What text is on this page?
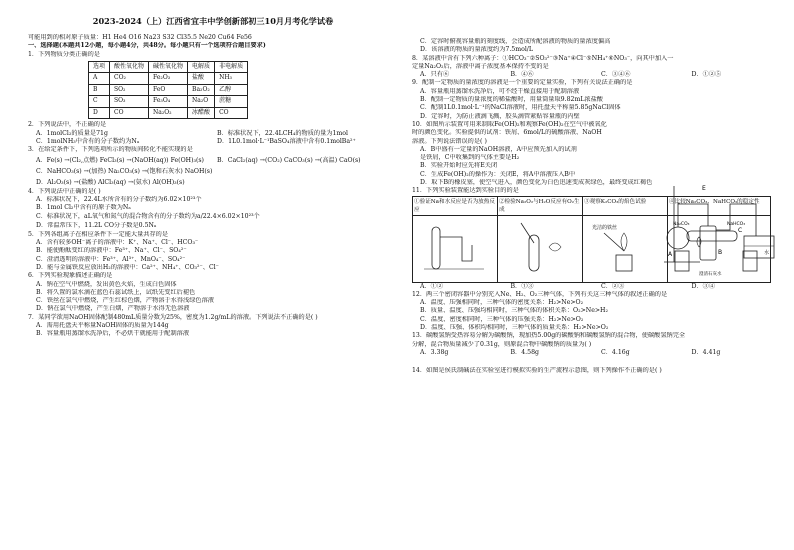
2023-2024（上）江西省宜丰中学创新部初三10月月考化学试卷
可能用到的相对原子质量：H1 He4 O16 Na23 S32 Cl35.5 Ne20 Cu64 Fe56
一、选择题(本题共12小题，每小题4分，共48分。每小题只有一个选项符合题目要求)
1．下列物质分类正确的是
选项	酸性氧化物	碱性氧化物	电解质	非电解质
A	CO₂	Fe₂O₃	盐酸	NH₃
B	SO₂	FeO	Ba₂O₂	乙醇
C	SO₃	Fe₃O₄	Na₂O	蔗糖
D	CO	Na₂O₂	冰醋酸	CO
2．下列说法中，不正确的是
A．1molCl₂的质量是71g	B．标准状况下，22.4LCH₄的物质的量为1mol
C．1molNH₃中含有的分子数约为Nₐ	D．1L0.1mol·L⁻¹BaSO₄溶液中含有0.1molBa²⁺
3．在给定条件下，下列选项所示的物质间转化不能实现的是
A．Fe(s) →(Cl₂,点燃) FeCl₃(s) →(NaOH(aq)) Fe(OH)₃(s)	B．CaCl₂(aq) →(CO₂) CaCO₃(s) →(高温) CaO(s)
C．NaHCO₃(s) →(加热) Na₂CO₃(s) →(饱和石灰水) NaOH(s)
D．Al₂O₃(s) →(盐酸) AlCl₃(aq) →(氨水) Al(OH)₃(s)
4．下列说法中正确的是( )
A．标准状况下，22.4L水所含有的分子数约为6.02×10²³个
B．1mol Cl₂中含有的原子数为Nₐ
C．标准状况下，aL氧气和氮气的混合物含有的分子数约为a/22.4×6.02×10²³个
D．常温常压下，11.2L CO分子数是0.5Nₐ
5．下列各组离子在相应条件下一定能大量共存的是
A．含有较多OH⁻离子的溶液中：K⁺、Na⁺、Cl⁻、HCO₃⁻
B．能使酚酞变红的溶液中：Fe³⁺、Na⁺、Cl⁻、SO₄²⁻
C．澄清透明的溶液中：Fe³⁺、Al³⁺、MnO₄⁻、SO₄²⁻
D．能与金属铁反应放出H₂的溶液中：Ca²⁺、NH₄⁺、CO₃²⁻、Cl⁻
6．下列实验现象描述正确的是
A．钠在空气中燃烧，发出黄色火焰，生成白色固体
B．将久置的氯水滴在蓝色石蕊试纸上，试纸先变红后褪色
C．铁丝在氯气中燃烧，产生红棕色烟，产物溶于水得浅绿色溶液
D．钠在氯气中燃烧，产生白烟，产物溶于水得无色溶液
7．某同学欲用NaOH固体配制480mL质量分数为25%，密度为1.2g/mL的溶液。下列说法不正确的是( )
A．需用托盘天平称量NaOH固体的质量为144g
B．容量瓶用蒸馏水洗净后，不必烘干就能用于配制溶液
C．定容时俯视容量瓶的刻度线，会造成所配溶液的物质的量浓度偏高
D．该溶液的物质的量浓度约为7.5mol/L
8．某溶液中含有下列六种离子：①HCO₃⁻②SO₃²⁻③Na⁺④Cl⁻⑤NH₄⁺⑥NO₃⁻，向其中加入一
定量Na₂O₂后，溶液中离子浓度基本保持不变的是
A．只有⑥	B．④⑥	C．③④⑥	D．①②⑤
9．配制一定物质的量浓度的溶液是一个重要的定量实验，下列有关说法正确的是
A．容量瓶用蒸馏水洗净后，可不经干燥直接用于配制溶液
B．配制一定物质的量浓度的稀盐酸时，用量筒量取9.82mL浓盐酸
C．配制1L0.1mol·L⁻¹的NaCl溶液时，用托盘天平称量5.85gNaCl固体
D．定容时，为防止液滴飞溅，胶头滴管紧贴容量瓶的内壁
10．如图所示装置可用来制取Fe(OH)₂和观察Fe(OH)₂在空气中被氧化
时的颜色变化。实验提供的试剂：铁屑、6mol/L的硫酸溶液、NaOH
溶液。下列说法错误的是( )
A．B中盛有一定量的NaOH溶液，A中应预先加入的试剂
是铁屑，C中收集到的气体主要是H₂
B．实验开始时应先将E关闭
C．生成Fe(OH)₂的操作为：关闭E，将A中溶液压入B中
D．取下B的橡皮塞，使空气进入，颜色变化为白色迅速变成灰绿色，最终变成红褐色
11．下列实验装置能达到实验目的的是
①验证Na和水反应是否为放热反应	②检验Na₂O₂与H₂O反应有O₂生成	③观察K₂CO₃的焰色试验	④比较Na₂CO₃、NaHCO₃的稳定性

光洁的铁丝	Na₂CO₃ NaHCO₃
澄清石灰水
A．①②	B．①③	C．②③	D．③④
12．两三个密闭容器中分别充入Ne、H₂、O₂三种气体，下列有关这三种气体的叙述正确的是
A．温度、压强相同时，三种气体的密度关系：H₂>Ne>O₂
B．质量、温度、压强均相同时，三种气体的体积关系：O₂>Ne>H₂
C．温度、密度相同时，三种气体的压强关系：H₂>Ne>O₂
D．温度、压强、体积均相同时，三种气体的质量关系：H₂>Ne>O₂
13．碳酸氢钠受热容易分解为碳酸钠，现加热5.00g的碳酸钠和碳酸氢钠的混合物，使碳酸氢钠完全
分解，混合物质量减少了0.31g，则原混合物中碳酸钠的质量为( )
A．3.38g	B．4.58g	C．4.16g	D．4.41g
14．如图是侯氏制碱法在实验室进行模拟实验的生产流程示意图，则下列操作不正确的是( )
E
A	B
C
水
